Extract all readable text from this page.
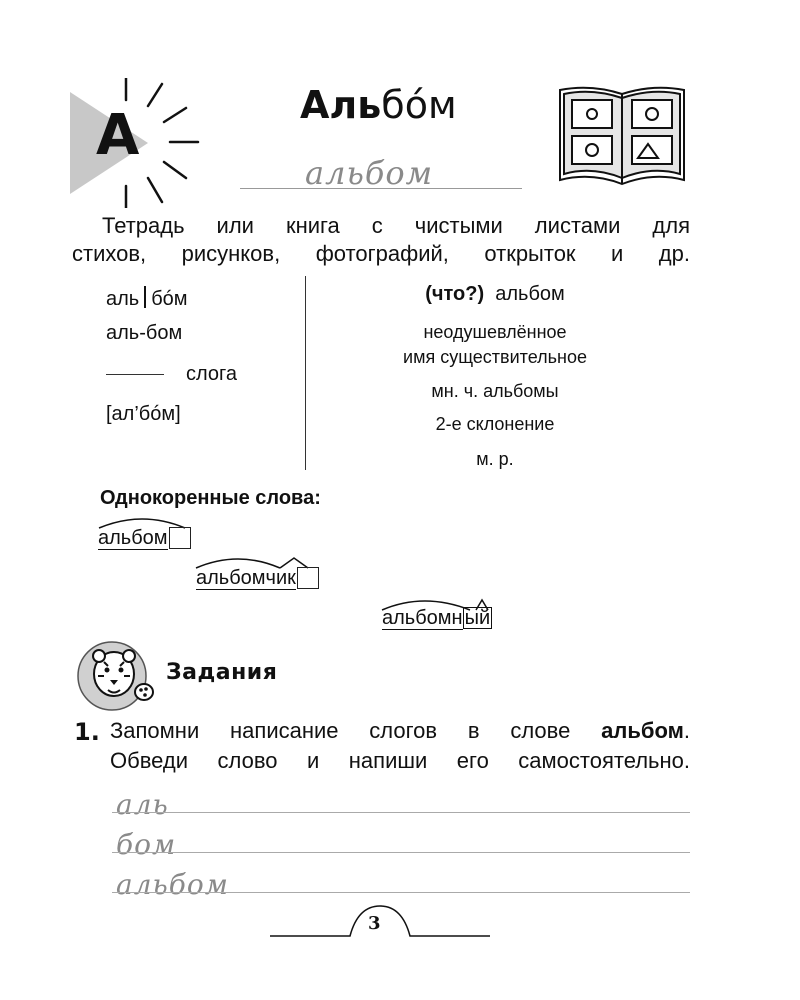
А	Альбóм
альбом
Тетрадь или книга с чистыми листами для
стихов, рисунков, фотографий, открыток и др.
аль бóм
аль-бом
слога
[ал’бóм]
(что?) альбом
неодушевлённое
имя существительное
мн. ч. альбомы
2-е склонение
м. р.
Однокоренные слова:
альбом
альбомчик
альбомн ый
Задания
1. Запомни написание слогов в слове альбом.
Обведи слово и напиши его самостоятельно.
аль
бом
альбом
3
